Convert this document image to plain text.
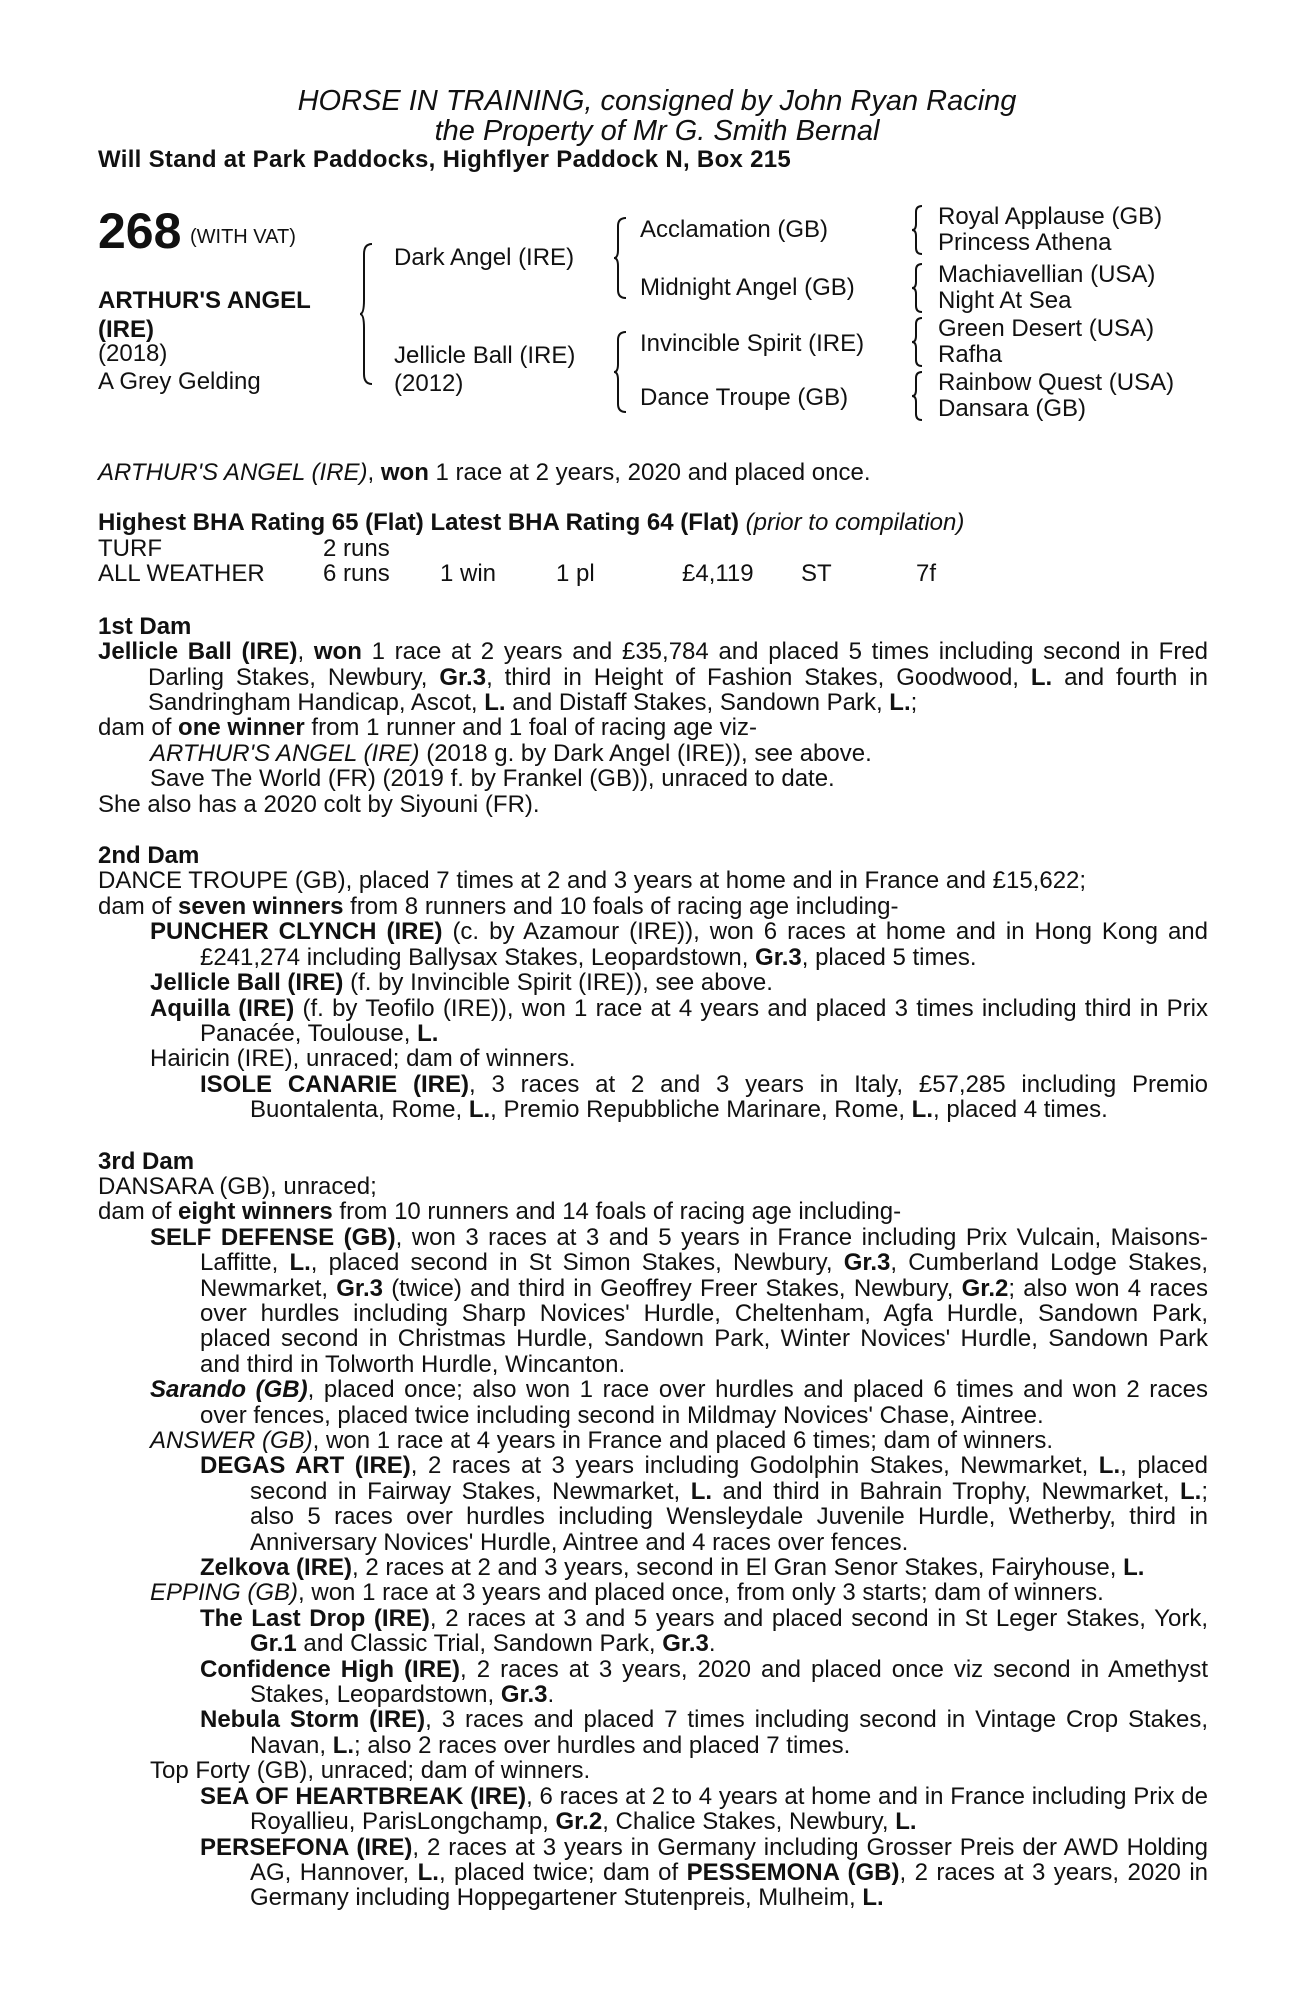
HORSE IN TRAINING, consigned by John Ryan Racing
the Property of Mr G. Smith Bernal
Will Stand at Park Paddocks, Highflyer Paddock N, Box 215
268 (WITH VAT)
ARTHUR'S ANGEL (IRE)
(2018)
A Grey Gelding
Dark Angel (IRE)
Jellicle Ball (IRE)
(2012)
Acclamation (GB)
Midnight Angel (GB)
Invincible Spirit (IRE)
Dance Troupe (GB)
Royal Applause (GB)
Princess Athena
Machiavellian (USA)
Night At Sea
Green Desert (USA)
Rafha
Rainbow Quest (USA)
Dansara (GB)

ARTHUR'S ANGEL (IRE), won 1 race at 2 years, 2020 and placed once.

Highest BHA Rating 65 (Flat) Latest BHA Rating 64 (Flat) (prior to compilation)

TURF	2 runs
ALL WEATHER 6 runs 1 win 1 pl	£4,119 ST	7f

1st Dam

Jellicle Ball (IRE), won 1 race at 2 years and £35,784 and placed 5 times including second in Fred Darling Stakes, Newbury, Gr.3, third in Height of Fashion Stakes, Goodwood, L. and fourth in Sandringham Handicap, Ascot, L. and Distaff Stakes, Sandown Park, L.;

dam of one winner from 1 runner and 1 foal of racing age viz-

ARTHUR'S ANGEL (IRE) (2018 g. by Dark Angel (IRE)), see above.

Save The World (FR) (2019 f. by Frankel (GB)), unraced to date.

She also has a 2020 colt by Siyouni (FR).

2nd Dam

DANCE TROUPE (GB), placed 7 times at 2 and 3 years at home and in France and £15,622;

dam of seven winners from 8 runners and 10 foals of racing age including-

PUNCHER CLYNCH (IRE) (c. by Azamour (IRE)), won 6 races at home and in Hong Kong and £241,274 including Ballysax Stakes, Leopardstown, Gr.3, placed 5 times.

Jellicle Ball (IRE) (f. by Invincible Spirit (IRE)), see above.

Aquilla (IRE) (f. by Teofilo (IRE)), won 1 race at 4 years and placed 3 times including third in Prix Panacée, Toulouse, L.

Hairicin (IRE), unraced; dam of winners.

ISOLE CANARIE (IRE), 3 races at 2 and 3 years in Italy, £57,285 including Premio Buontalenta, Rome, L., Premio Repubbliche Marinare, Rome, L., placed 4 times.

3rd Dam

DANSARA (GB), unraced;

dam of eight winners from 10 runners and 14 foals of racing age including-

SELF DEFENSE (GB), won 3 races at 3 and 5 years in France including Prix Vulcain, Maisons-Laffitte, L., placed second in St Simon Stakes, Newbury, Gr.3, Cumberland Lodge Stakes, Newmarket, Gr.3 (twice) and third in Geoffrey Freer Stakes, Newbury, Gr.2; also won 4 races over hurdles including Sharp Novices' Hurdle, Cheltenham, Agfa Hurdle, Sandown Park, placed second in Christmas Hurdle, Sandown Park, Winter Novices' Hurdle, Sandown Park and third in Tolworth Hurdle, Wincanton.

Sarando (GB), placed once; also won 1 race over hurdles and placed 6 times and won 2 races over fences, placed twice including second in Mildmay Novices' Chase, Aintree.

ANSWER (GB), won 1 race at 4 years in France and placed 6 times; dam of winners.

DEGAS ART (IRE), 2 races at 3 years including Godolphin Stakes, Newmarket, L., placed second in Fairway Stakes, Newmarket, L. and third in Bahrain Trophy, Newmarket, L.; also 5 races over hurdles including Wensleydale Juvenile Hurdle, Wetherby, third in Anniversary Novices' Hurdle, Aintree and 4 races over fences.

Zelkova (IRE), 2 races at 2 and 3 years, second in El Gran Senor Stakes, Fairyhouse, L.

EPPING (GB), won 1 race at 3 years and placed once, from only 3 starts; dam of winners.

The Last Drop (IRE), 2 races at 3 and 5 years and placed second in St Leger Stakes, York, Gr.1 and Classic Trial, Sandown Park, Gr.3.

Confidence High (IRE), 2 races at 3 years, 2020 and placed once viz second in Amethyst Stakes, Leopardstown, Gr.3.

Nebula Storm (IRE), 3 races and placed 7 times including second in Vintage Crop Stakes, Navan, L.; also 2 races over hurdles and placed 7 times.

Top Forty (GB), unraced; dam of winners.

SEA OF HEARTBREAK (IRE), 6 races at 2 to 4 years at home and in France including Prix de Royallieu, ParisLongchamp, Gr.2, Chalice Stakes, Newbury, L.

PERSEFONA (IRE), 2 races at 3 years in Germany including Grosser Preis der AWD Holding AG, Hannover, L., placed twice; dam of PESSEMONA (GB), 2 races at 3 years, 2020 in Germany including Hoppegartener Stutenpreis, Mulheim, L.
